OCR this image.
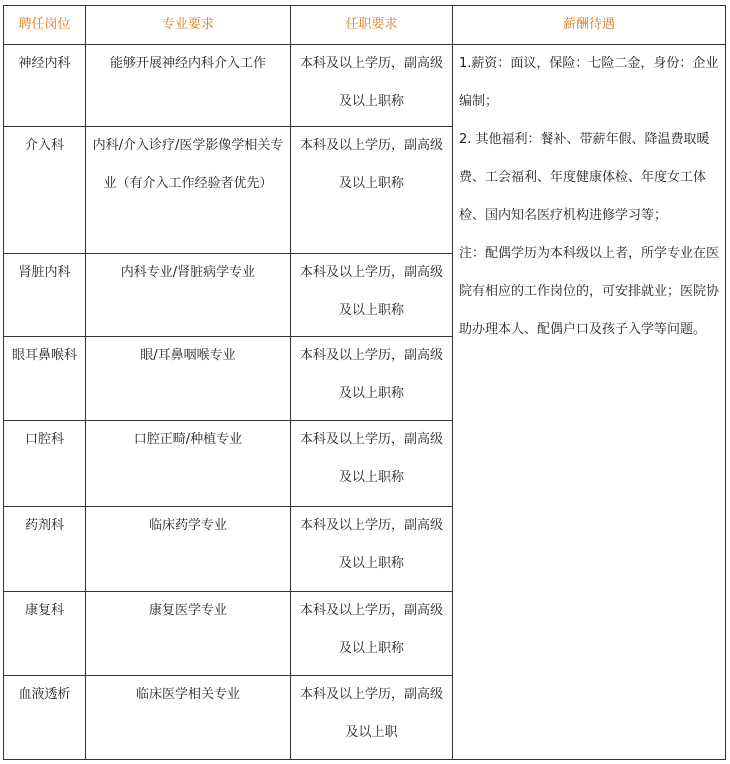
聘任岗位	专业要求	任职要求	薪酬待遇
神经内科	能够开展神经内科介入工作	本科及以上学历，副高级及以上职称	1.薪资：面议，保险：七险二金，身份：企业编制；

2. 其他福利：餐补、带薪年假、降温费取暖费、工会福利、年度健康体检、年度女工体检、国内知名医疗机构进修学习等；

注：配偶学历为本科级以上者，所学专业在医院有相应的工作岗位的，可安排就业；医院协助办理本人、配偶户口及孩子入学等问题。

介入科	内科/介入诊疗/医学影像学相关专业（有介入工作经验者优先）	本科及以上学历，副高级及以上职称	
肾脏内科	内科专业/肾脏病学专业	本科及以上学历，副高级及以上职称	
眼耳鼻喉科	眼/耳鼻咽喉专业	本科及以上学历，副高级及以上职称	
口腔科	口腔正畸/种植专业	本科及以上学历，副高级及以上职称	
药剂科	临床药学专业	本科及以上学历，副高级及以上职称	
康复科	康复医学专业	本科及以上学历，副高级及以上职称	
血液透析	临床医学相关专业	本科及以上学历，副高级及以上职	
